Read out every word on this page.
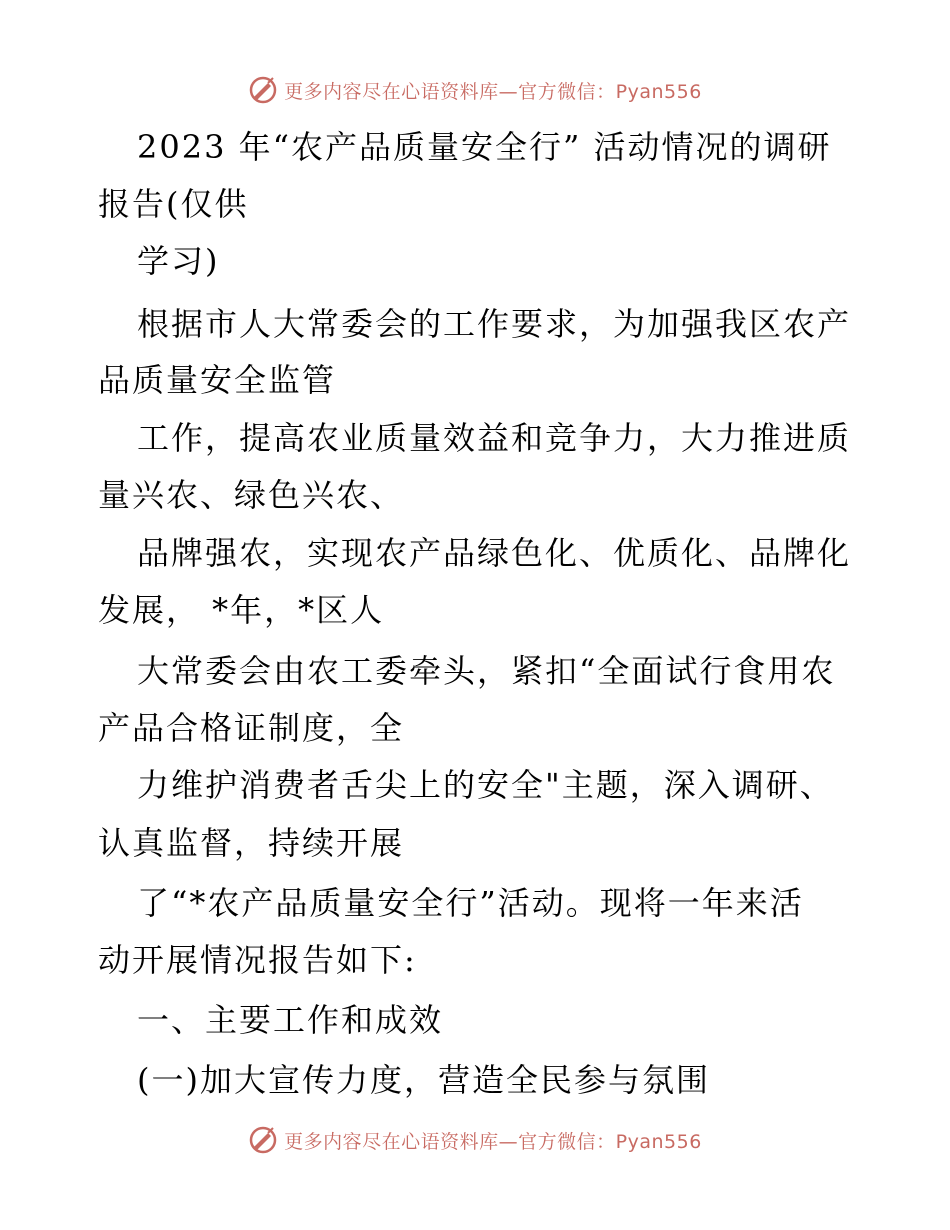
更多内容尽在心语资料库—官方微信：Pyan556
2023 年“农产品质量安全行” 活动情况的调研
报告(仅供
学习)
根据市人大常委会的工作要求，为加强我区农产
品质量安全监管
工作，提高农业质量效益和竞争力，大力推进质
量兴农、绿色兴农、
品牌强农，实现农产品绿色化、优质化、品牌化
发展， *年，*区人
大常委会由农工委牵头，紧扣“全面试行食用农
产品合格证制度，全
力维护消费者舌尖上的安全"主题，深入调研、
认真监督，持续开展
了“*农产品质量安全行”活动。现将一年来活
动开展情况报告如下:
一、主要工作和成效
(一)加大宣传力度，营造全民参与氛围
更多内容尽在心语资料库—官方微信：Pyan556
